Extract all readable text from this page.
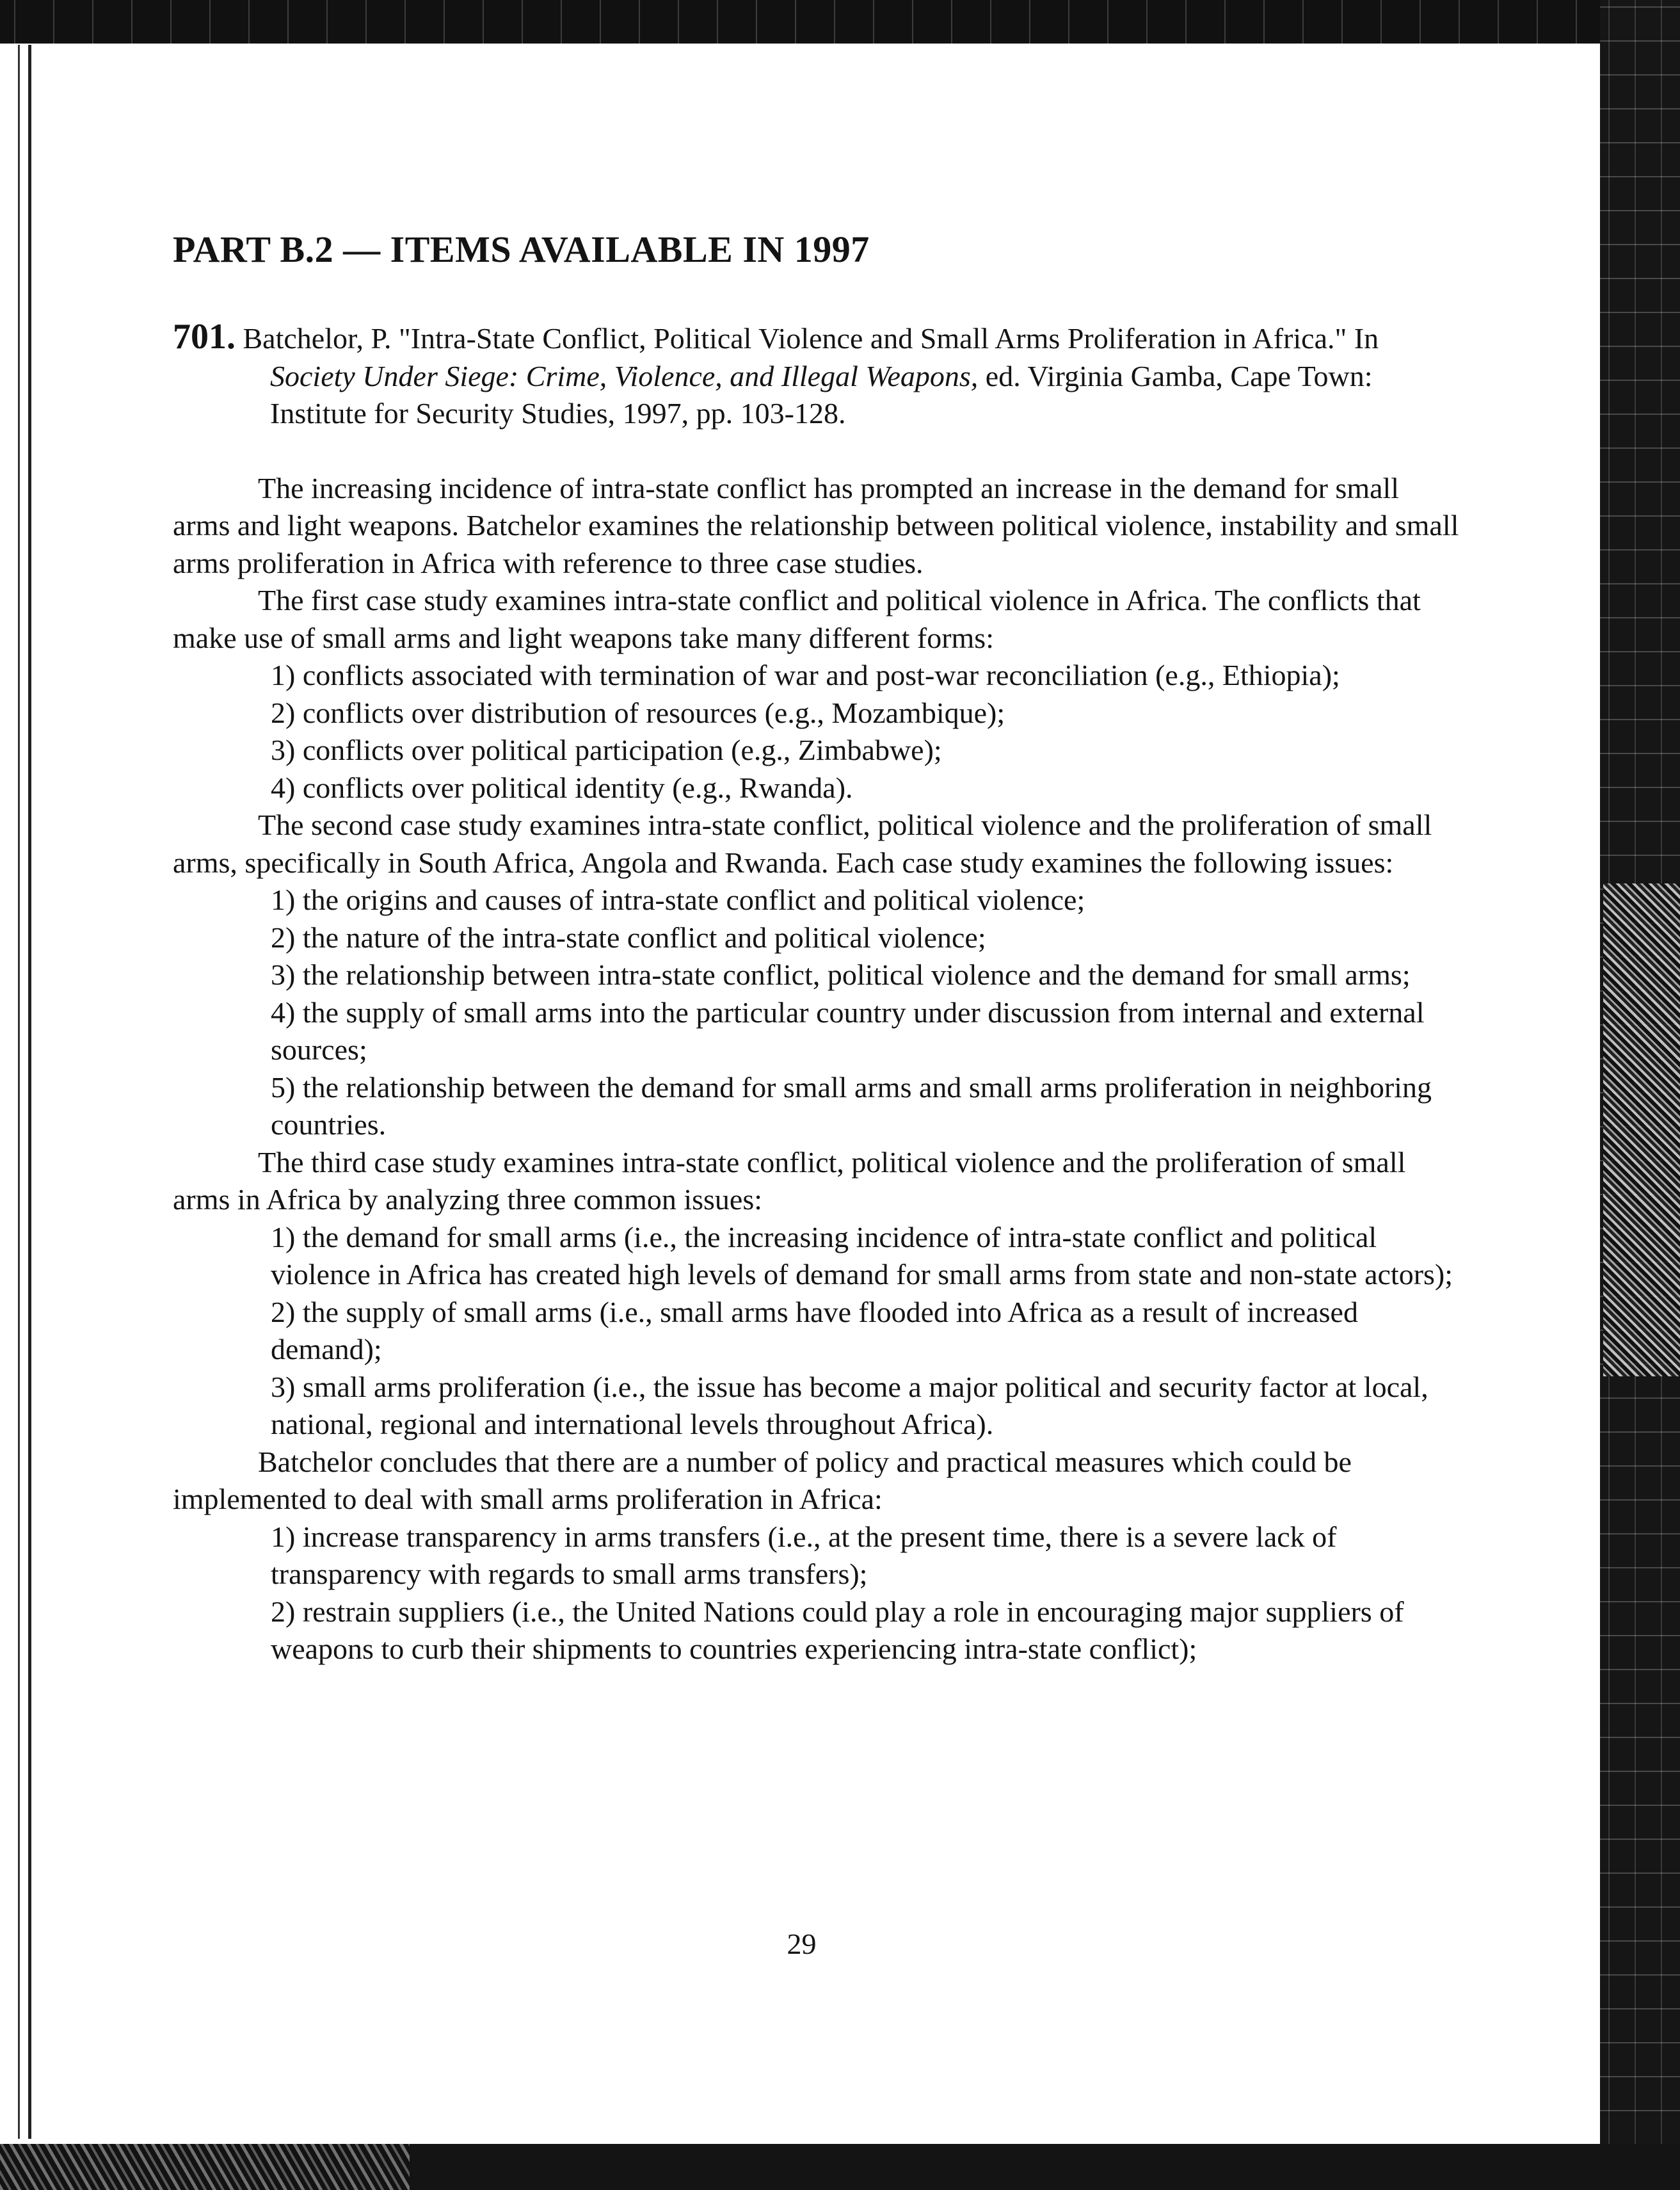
PART B.2 — ITEMS AVAILABLE IN 1997

701. Batchelor, P. "Intra-State Conflict, Political Violence and Small Arms Proliferation in Africa." In Society Under Siege: Crime, Violence, and Illegal Weapons, ed. Virginia Gamba, Cape Town: Institute for Security Studies, 1997, pp. 103-128.

The increasing incidence of intra-state conflict has prompted an increase in the demand for small arms and light weapons. Batchelor examines the relationship between political violence, instability and small arms proliferation in Africa with reference to three case studies.

The first case study examines intra-state conflict and political violence in Africa. The conflicts that make use of small arms and light weapons take many different forms:

1) conflicts associated with termination of war and post-war reconciliation (e.g., Ethiopia);

2) conflicts over distribution of resources (e.g., Mozambique);

3) conflicts over political participation (e.g., Zimbabwe);

4) conflicts over political identity (e.g., Rwanda).

The second case study examines intra-state conflict, political violence and the proliferation of small arms, specifically in South Africa, Angola and Rwanda. Each case study examines the following issues:

1) the origins and causes of intra-state conflict and political violence;

2) the nature of the intra-state conflict and political violence;

3) the relationship between intra-state conflict, political violence and the demand for small arms;

4) the supply of small arms into the particular country under discussion from internal and external sources;

5) the relationship between the demand for small arms and small arms proliferation in neighboring countries.

The third case study examines intra-state conflict, political violence and the proliferation of small arms in Africa by analyzing three common issues:

1) the demand for small arms (i.e., the increasing incidence of intra-state conflict and political violence in Africa has created high levels of demand for small arms from state and non-state actors);

2) the supply of small arms (i.e., small arms have flooded into Africa as a result of increased demand);

3) small arms proliferation (i.e., the issue has become a major political and security factor at local, national, regional and international levels throughout Africa).

Batchelor concludes that there are a number of policy and practical measures which could be implemented to deal with small arms proliferation in Africa:

1) increase transparency in arms transfers (i.e., at the present time, there is a severe lack of transparency with regards to small arms transfers);

2) restrain suppliers (i.e., the United Nations could play a role in encouraging major suppliers of weapons to curb their shipments to countries experiencing intra-state conflict);

29
